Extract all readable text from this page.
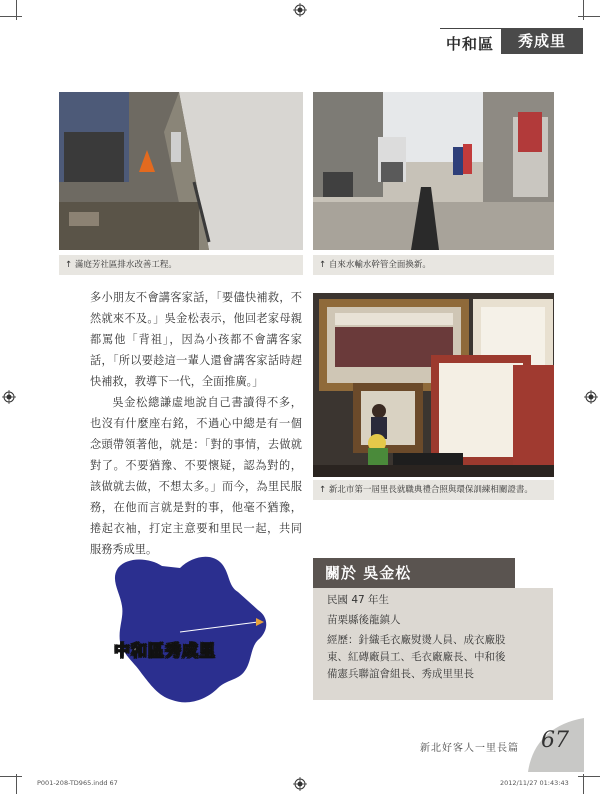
中和區	秀成里
↑ 滿庭芳社區排水改善工程。	↑ 自來水輸水幹管全面換新。

多小朋友不會講客家話，「要儘快補救，不然就來不及。」吳金松表示，他回老家母親都罵他「背祖」，因為小孩都不會講客家話，「所以要趁這一輩人還會講客家話時趕快補救，教導下一代，全面推廣。」

吳金松總謙虛地說自己書讀得不多，也沒有什麼座右銘，不過心中總是有一個念頭帶領著他，就是：「對的事情，去做就對了。不要猶豫、不要懷疑，認為對的，該做就去做，不想太多。」而今，為里民服務，在他而言就是對的事，他毫不猶豫，捲起衣袖，打定主意要和里民一起，共同服務秀成里。

↑ 新北市第一屆里長就職典禮合照與環保訓練相關證書。
中和區秀成里
關於 吳金松
民國 47 年生
苗栗縣後龍鎮人
經歷：針織毛衣廠熨燙人員、成衣廠股東、紅磚廠員工、毛衣廠廠長、中和後備憲兵聯誼會組長、秀成里里長
新北好客人一里長篇 67
P001-208-TD965.indd 67	2012/11/27 01:43:43
